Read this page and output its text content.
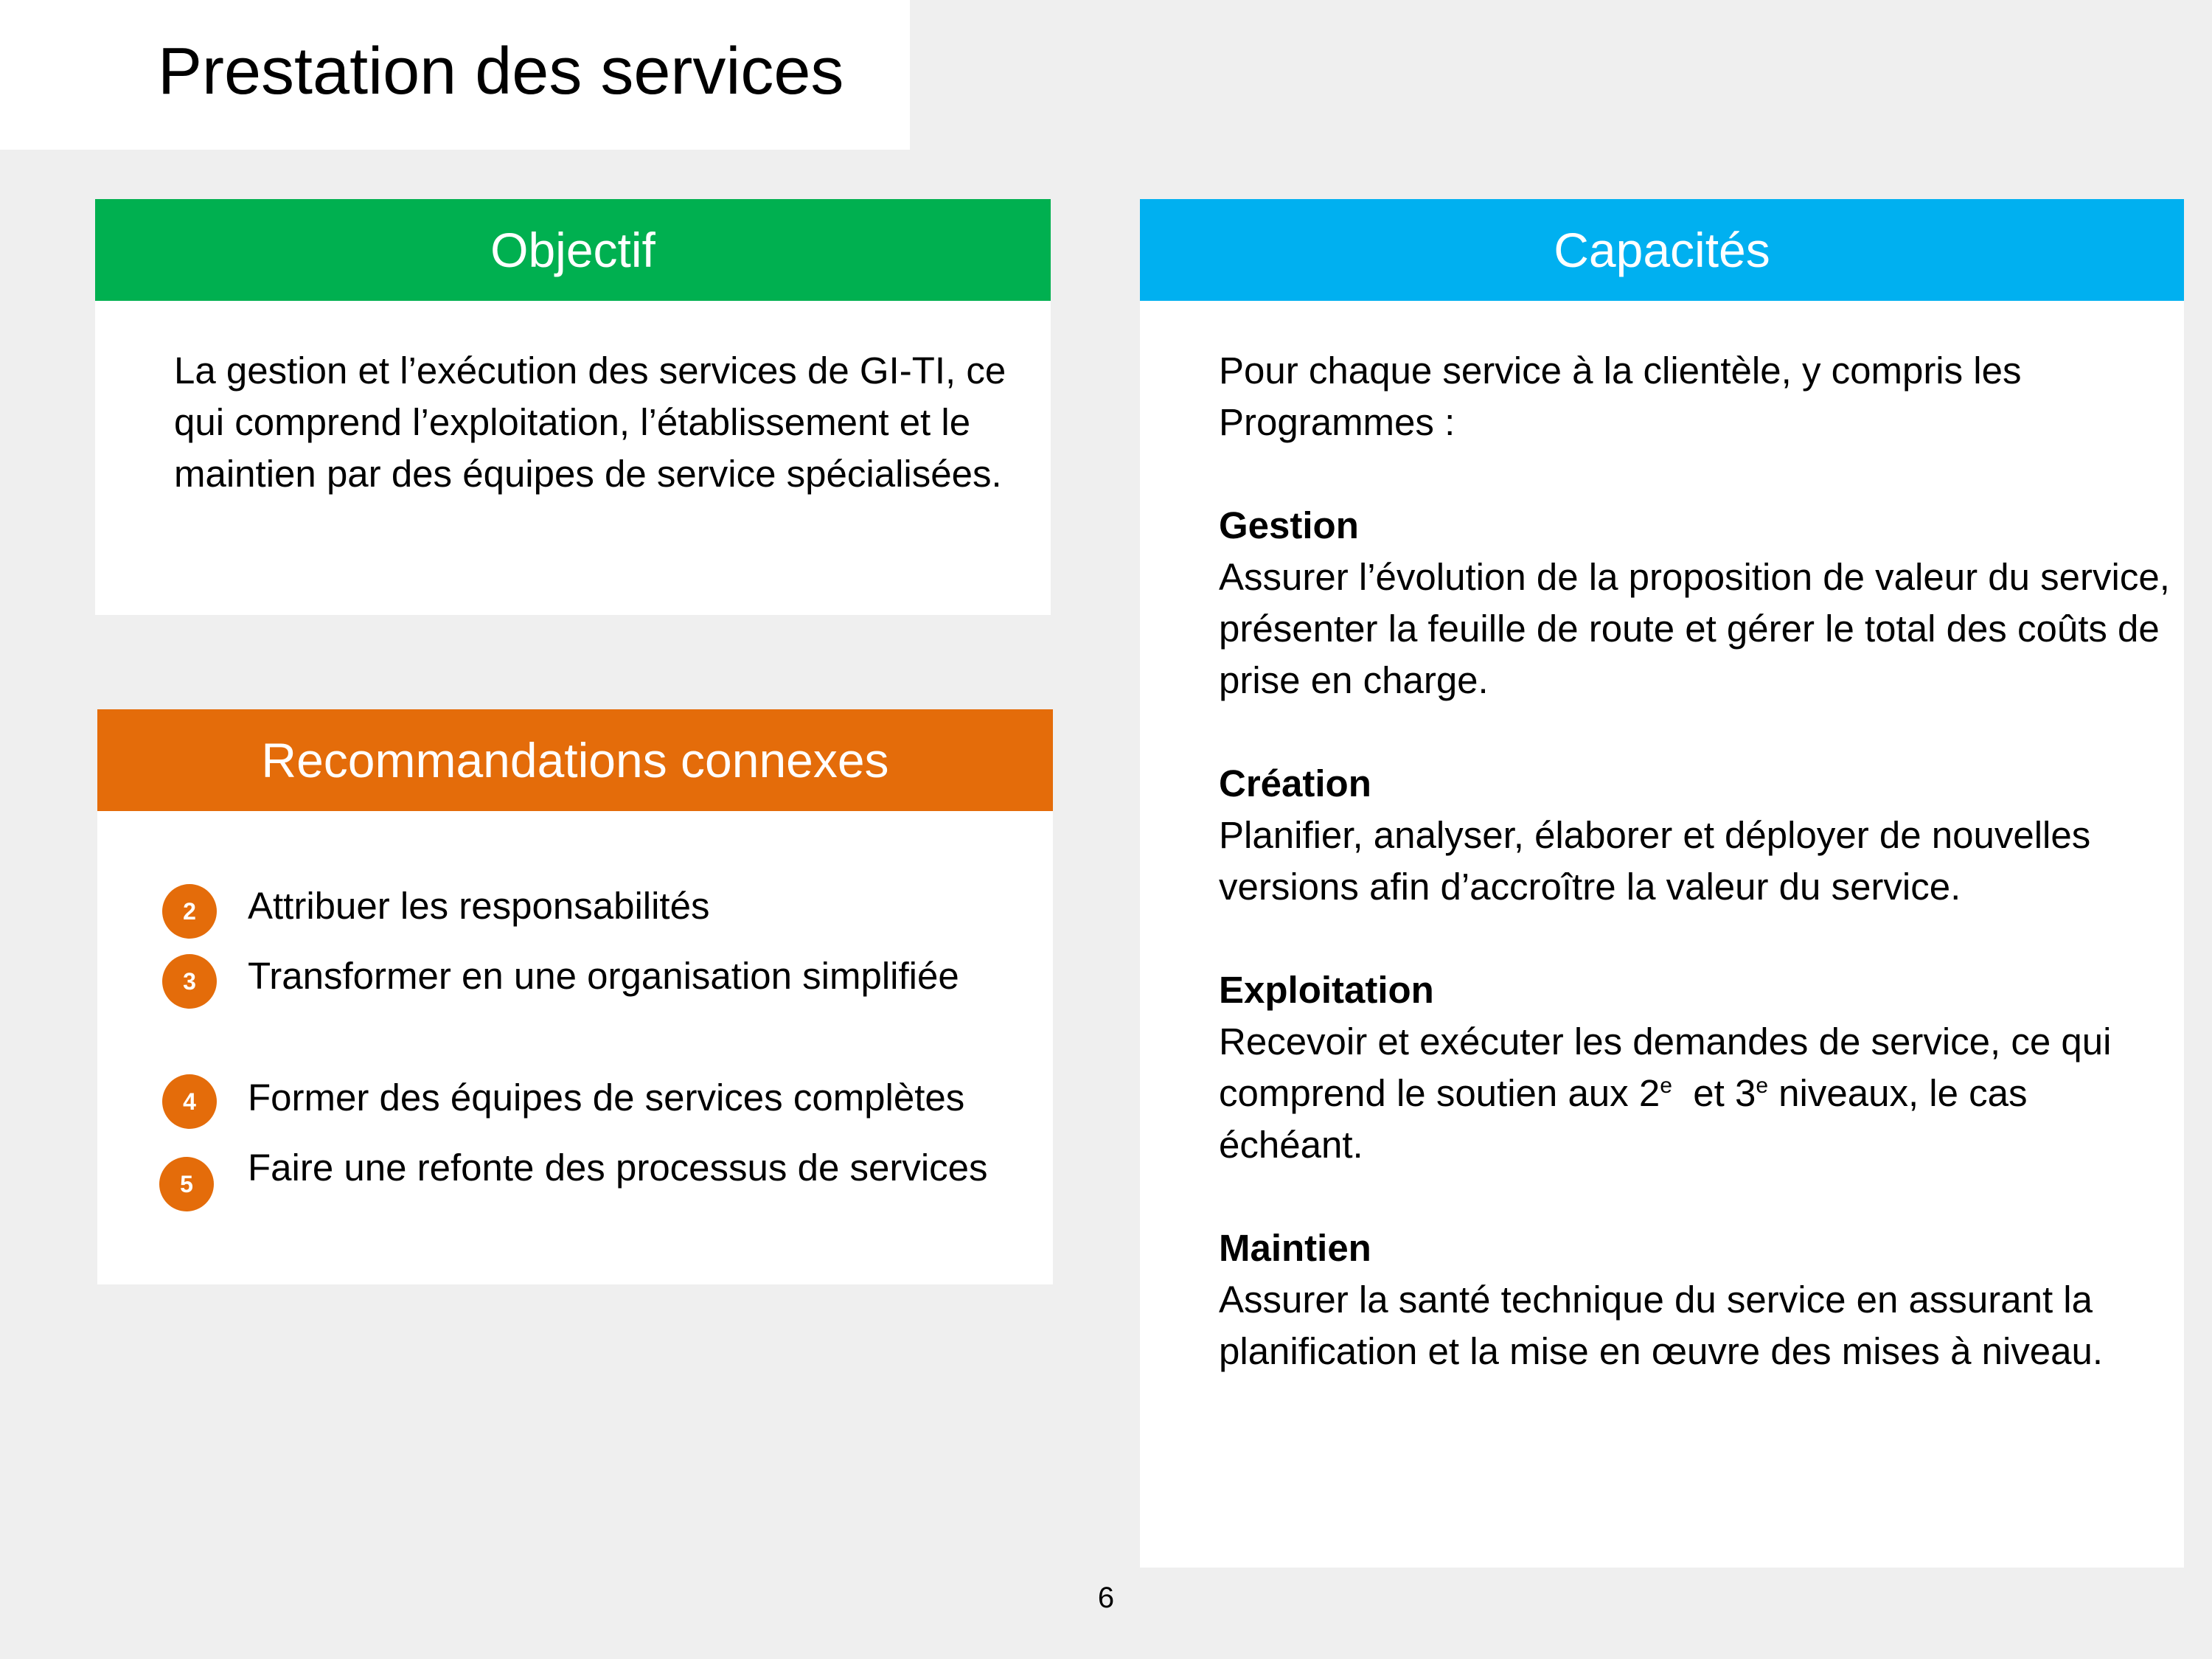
Prestation des services
Objectif
La gestion et l’exécution des services de GI-TI, ce qui comprend l’exploitation, l’établissement et le maintien par des équipes de service spécialisées.
Recommandations connexes
2	Attribuer les responsabilités
3	Transformer en une organisation simplifiée
4	Former des équipes de services complètes
5	Faire une refonte des processus de services
Capacités
Pour chaque service à la clientèle, y compris les Programmes :
Gestion
Assurer l’évolution de la proposition de valeur du service, présenter la feuille de route et gérer le total des coûts de prise en charge.
Création
Planifier, analyser, élaborer et déployer de nouvelles versions afin d’accroître la valeur du service.
Exploitation
Recevoir et exécuter les demandes de service, ce qui comprend le soutien aux 2e  et 3e niveaux, le cas échéant.
Maintien
Assurer la santé technique du service en assurant la planification et la mise en œuvre des mises à niveau.
6
